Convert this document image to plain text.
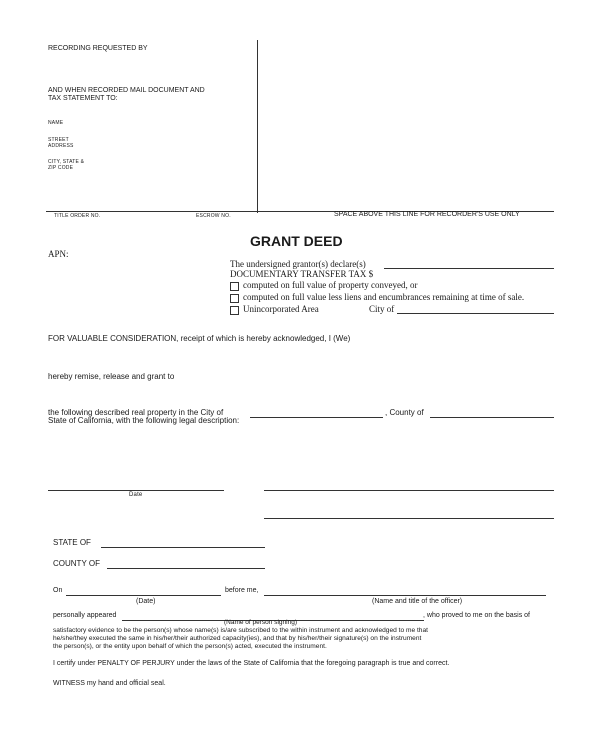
RECORDING REQUESTED BY
AND WHEN RECORDED MAIL DOCUMENT AND
TAX STATEMENT TO:
NAME
STREET
ADDRESS
CITY, STATE &
ZIP CODE
TITLE ORDER NO.	ESCROW NO.	SPACE ABOVE THIS LINE FOR RECORDER'S USE ONLY
GRANT DEED
APN:
The undersigned grantor(s) declare(s)
DOCUMENTARY TRANSFER TAX $
computed on full value of property conveyed, or
computed on full value less liens and encumbrances remaining at time of sale.
Unincorporated Area	City of
FOR VALUABLE CONSIDERATION, receipt of which is hereby acknowledged, I (We)
hereby remise, release and grant to
the following described real property in the City of	, County of
State of California, with the following legal description:
Date
STATE OF
COUNTY OF
On	before me,
(Date)	(Name and title of the officer)
personally appeared	, who proved to me on the basis of
(Name of person signing)
satisfactory evidence to be the person(s) whose name(s) is/are subscribed to the within instrument and acknowledged to me that
he/she/they executed the same in his/her/their authorized capacity(ies), and that by his/her/their signature(s) on the instrument
the person(s), or the entity upon behalf of which the person(s) acted, executed the instrument.
I certify under PENALTY OF PERJURY under the laws of the State of California that the foregoing paragraph is true and correct.
WITNESS my hand and official seal.
